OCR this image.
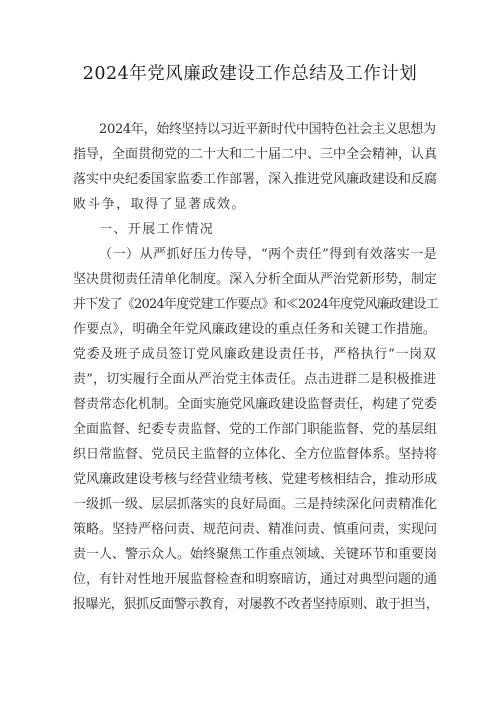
2024年党风廉政建设工作总结及工作计划
2024年，始终坚持以习近平新时代中国特色社会主义思想为
指导，全面贯彻党的二十大和二十届二中、三中全会精神，认真
落实中央纪委国家监委工作部署，深入推进党风廉政建设和反腐
败斗争，取得了显著成效。
一、开展工作情况
（一）从严抓好压力传导，“两个责任”得到有效落实一是
坚决贯彻责任清单化制度。深入分析全面从严治党新形势，制定
并下发了《2024年度党建工作要点》和≪2024年度党风廉政建设工
作要点》，明确全年党风廉政建设的重点任务和关键工作措施。
党委及班子成员签订党风廉政建设责任书，严格执行“一岗双
责”，切实履行全面从严治党主体责任。点击进群二是积极推进
督责常态化机制。全面实施党风廉政建设监督责任，构建了党委
全面监督、纪委专责监督、党的工作部门职能监督、党的基层组
织日常监督、党员民主监督的立体化、全方位监督体系。坚持将
党风廉政建设考核与经营业绩考核、党建考核相结合，推动形成
一级抓一级、层层抓落实的良好局面。三是持续深化问责精准化
策略。坚持严格问责、规范问责、精准问责、慎重问责，实现问
责一人、警示众人。始终聚焦工作重点领域、关键环节和重要岗
位，有针对性地开展监督检查和明察暗访，通过对典型问题的通
报曝光，狠抓反面警示教育，对屡教不改者坚持原则、敢于担当，
